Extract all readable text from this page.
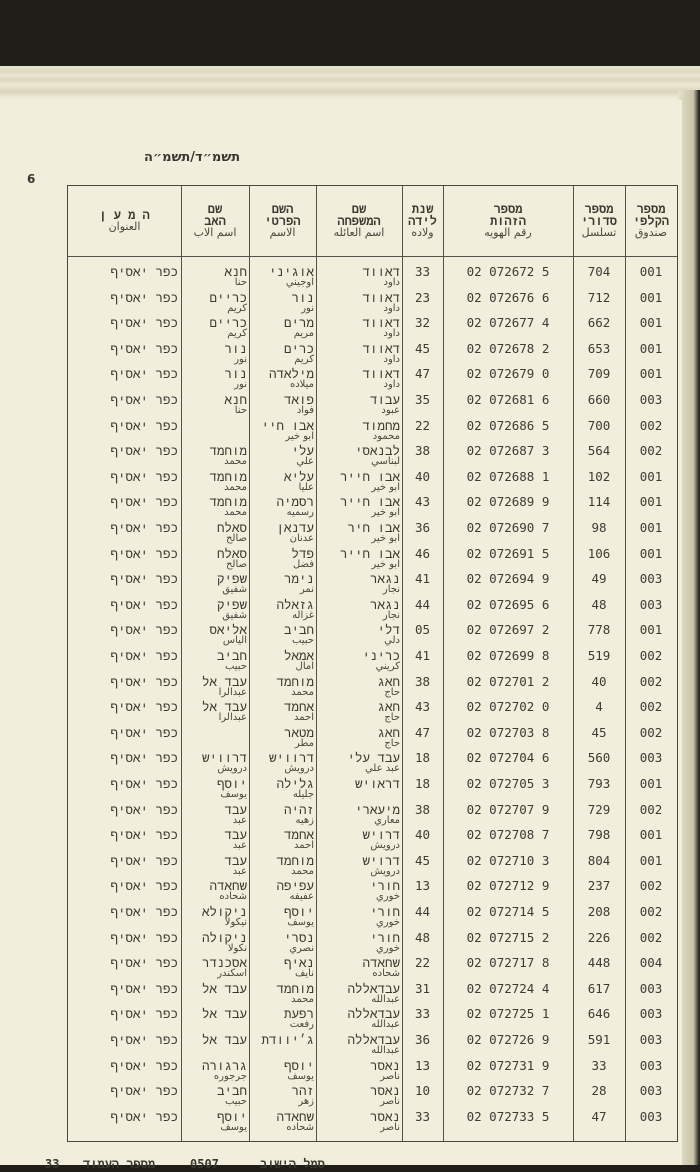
תשמ״ד/תשמ״ה
6
מספר
הקלפי
صندوق
מספר
סדורי
تسلسل
מספר
הזהות
رقم الهويه
שנת
לידה
ولاده
שם
המשפחה
اسم العائله
השם
הפרטי
الاسم
שם
האב
اسم الاب
ה מ ע ן
العنوان
001
704
02 072672 5
33
דאווד
داود
אוגיני
اوجيني
חנא
حنا
כפר יאסיף
001
712
02 072676 6
23
דאווד
داود
נור
نور
כריים
كريم
כפר יאסיף
001
662
02 072677 4
32
דאווד
داود
מרים
مريم
כריים
كريم
כפר יאסיף
001
653
02 072678 2
45
דאווד
داود
כרים
كريم
נור
نور
כפר יאסיף
001
709
02 072679 0
47
דאווד
داود
מילאדה
ميلاده
נור
نور
כפר יאסיף
003
660
02 072681 6
35
עבוד
عبود
פואד
فواد
חנא
حنا
כפר יאסיף
002
700
02 072686 5
22
מחמוד
محمود
אבו חיי
ابو خير
כפר יאסיף
002
564
02 072687 3
38
לבנאסי
لبناسي
עלי
علي
מוחמד
محمد
כפר יאסיף
001
102
02 072688 1
40
אבו חייר
ابو خير
עליא
عليا
מוחמד
محمد
כפר יאסיף
001
114
02 072689 9
43
אבו חייר
ابو خير
רסמיה
رسميه
מוחמד
محمد
כפר יאסיף
001
98
02 072690 7
36
אבו חיר
ابو خير
עדנאן
عدنان
סאלח
صالح
כפר יאסיף
001
106
02 072691 5
46
אבו חייר
ابو خير
פדל
فضل
סאלח
صالح
כפר יאסיף
003
49
02 072694 9
41
נגאר
نجار
נימר
نمر
שפיק
شفيق
כפר יאסיף
003
48
02 072695 6
44
נגאר
نجار
גזאלה
غزاله
שפיק
شفيق
כפר יאסיף
001
778
02 072697 2
05
דלי
دلي
חביב
حبيب
אליאס
الياس
כפר יאסיף
002
519
02 072699 8
41
כריני
كريني
אמאל
امال
חביב
حبيب
כפר יאסיף
002
40
02 072701 2
38
חאג
حاج
מוחמד
محمد
עבד אל
عبدالرا
כפר יאסיף
002
4
02 072702 0
43
חאג
حاج
אחמד
احمد
עבד אל
عبدالرا
כפר יאסיף
002
45
02 072703 8
47
חאג
حاج
מטאר
مطر
כפר יאסיף
003
560
02 072704 6
18
עבד עלי
عبد علي
דרוויש
درويش
דרוויש
درويش
כפר יאסיף
001
793
02 072705 3
18
דראויש
גלילה
جليله
יוסף
يوسف
כפר יאסיף
002
729
02 072707 9
38
מיעארי
معاري
זהיה
زهيه
עבד
عبد
כפר יאסיף
001
798
02 072708 7
40
דרויש
درويش
אחמד
احمد
עבד
عبد
כפר יאסיף
001
804
02 072710 3
45
דרויש
درويش
מוחמד
محمد
עבד
عبد
כפר יאסיף
002
237
02 072712 9
13
חורי
خوري
עפיפה
عفيفه
שחאדה
شحاده
כפר יאסיף
002
208
02 072714 5
44
חורי
خوري
יוסף
يوسف
ניקולא
نيكولا
כפר יאסיף
002
226
02 072715 2
48
חורי
خوري
נסרי
نصري
ניקולה
نكولا
כפר יאסיף
004
448
02 072717 8
22
שחאדה
شحاده
נאיף
نايف
אסכנדר
اسكندر
כפר יאסיף
003
617
02 072724 4
31
עבדאללה
عبدالله
מוחמד
محمد
עבד אל
כפר יאסיף
003
646
02 072725 1
33
עבדאללה
عبدالله
רפעת
رفعت
עבד אל
כפר יאסיף
003
591
02 072726 9
36
עבדאללה
عبدالله
ג׳יוודת
עבד אל
כפר יאסיף
003
33
02 072731 9
13
נאסר
ناصر
יוסף
يوسف
גרגורה
جرجوره
כפר יאסיף
003
28
02 072732 7
10
נאסר
ناصر
זהר
زهر
חביב
حبيب
כפר יאסיף
003
47
02 072733 5
33
נאסר
ناصر
שחאדה
شحاده
יוסף
يوسف
כפר יאסיף
סמל הישוב
0507
מספר העמוד
33
